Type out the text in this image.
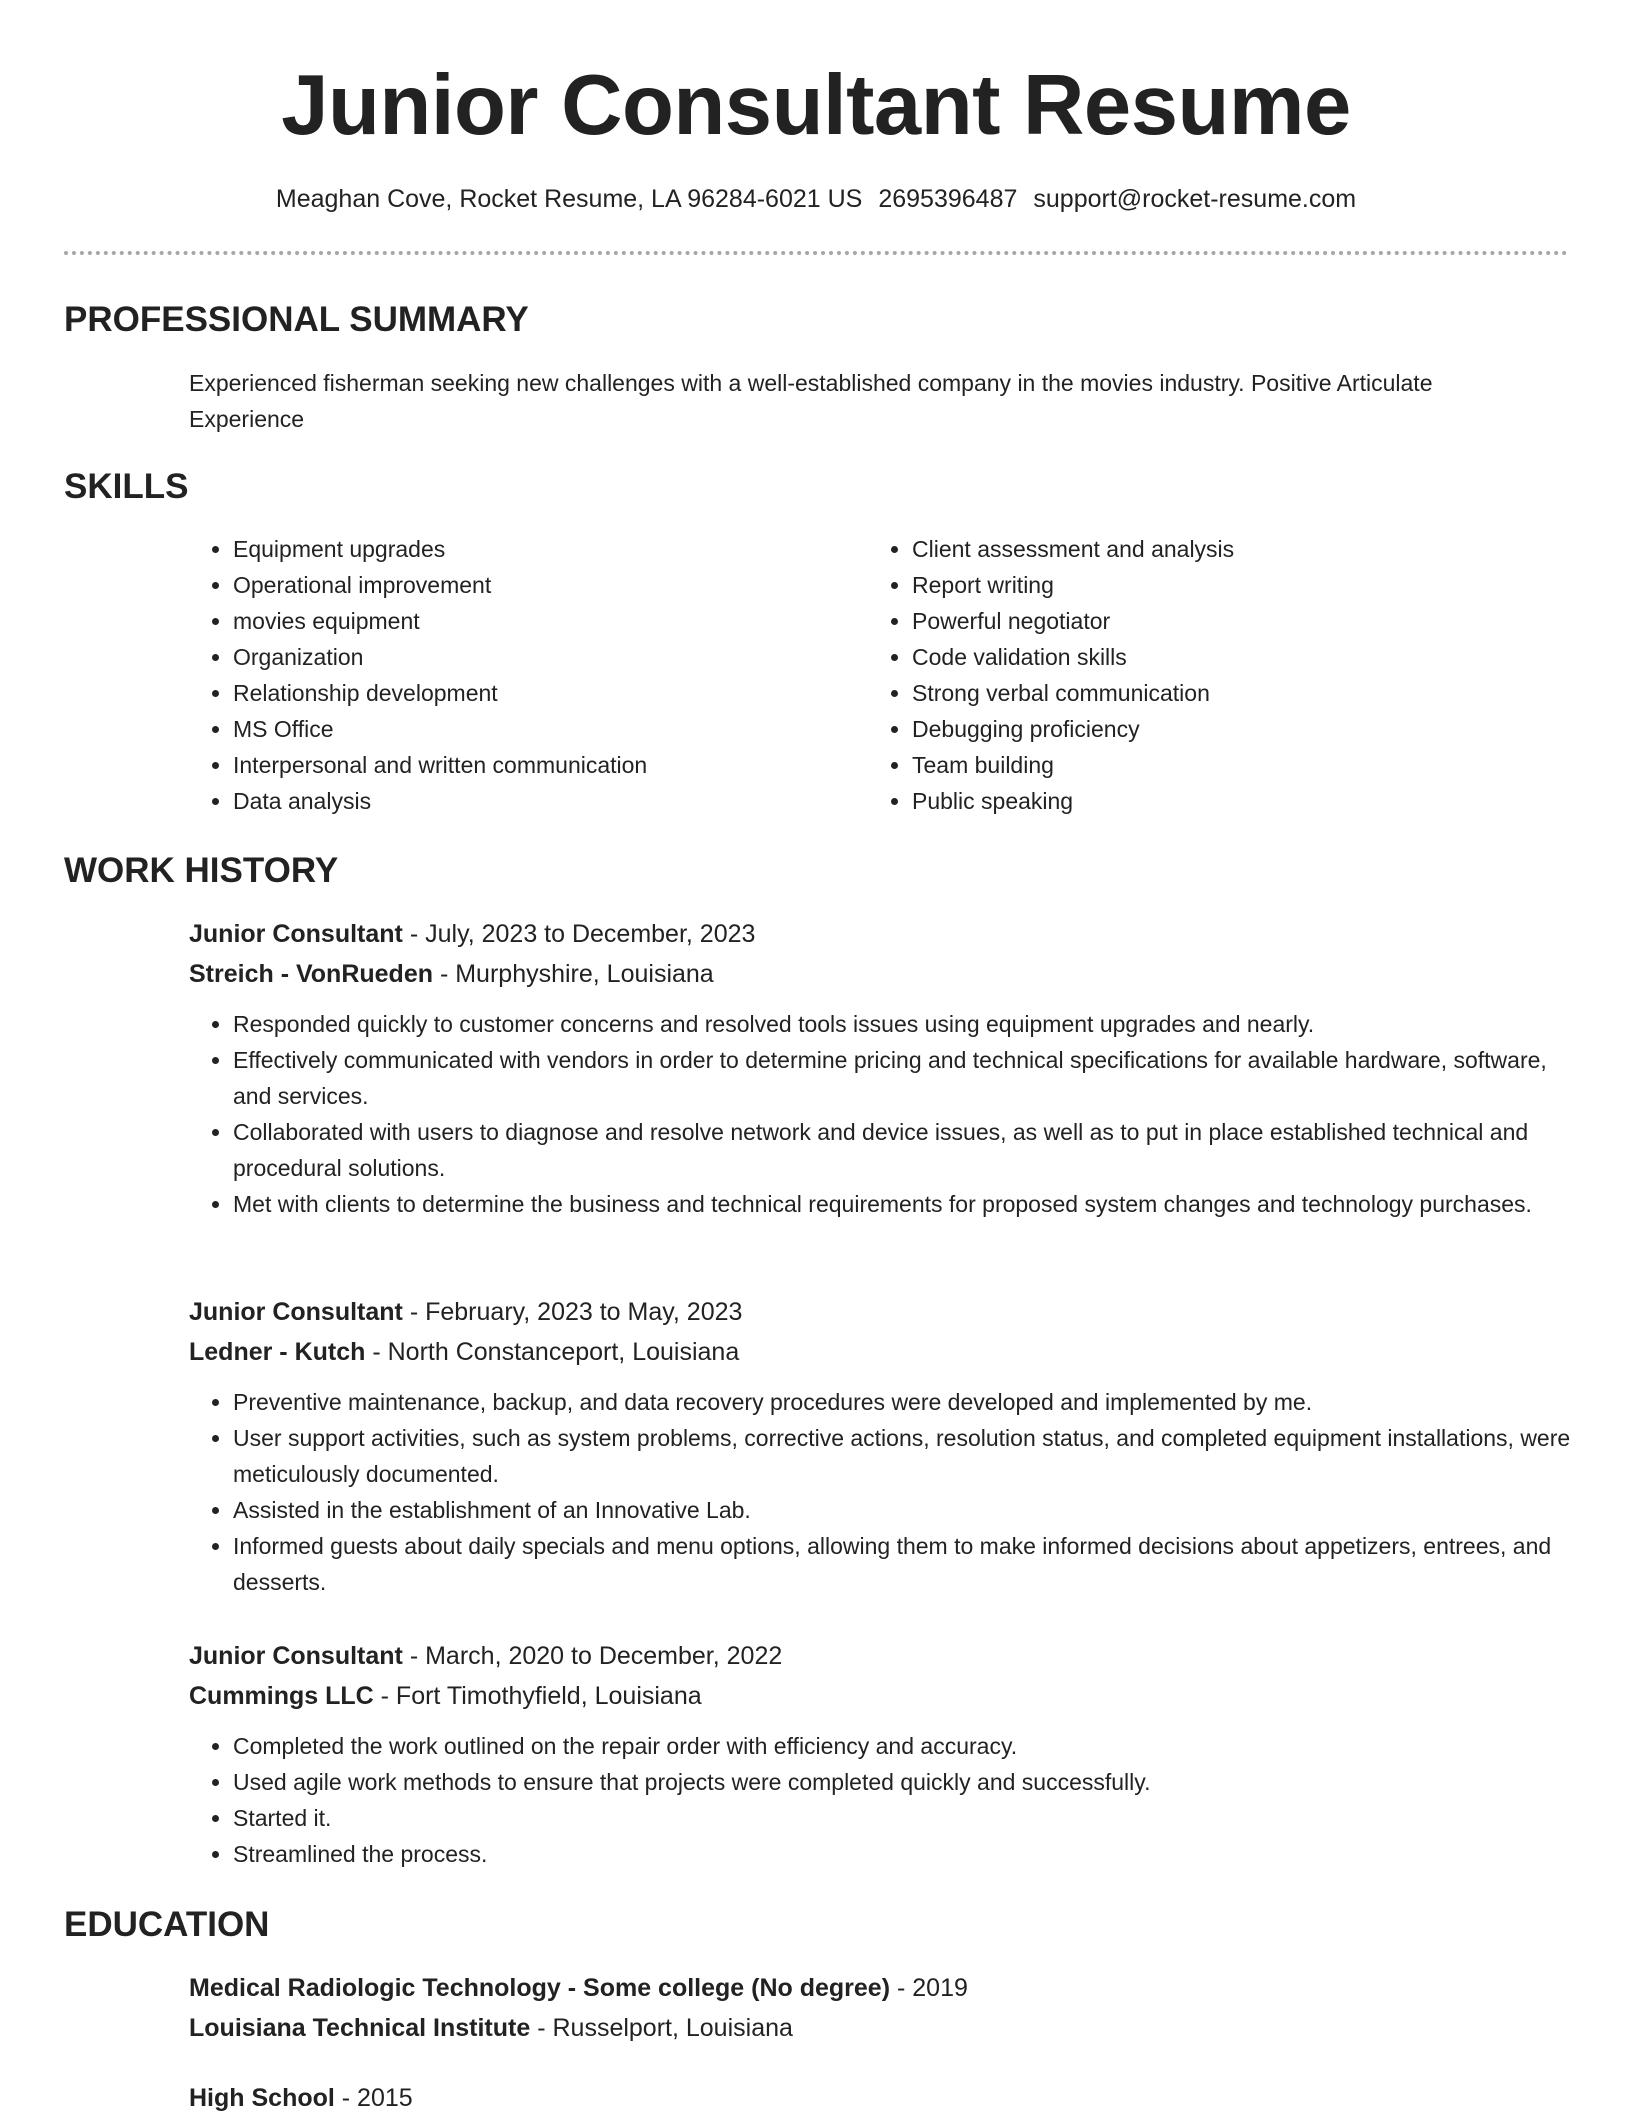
Junior Consultant Resume
Meaghan Cove, Rocket Resume, LA 96284-6021 US 2695396487 support@rocket-resume.com
PROFESSIONAL SUMMARY

Experienced fisherman seeking new challenges with a well-established company in the movies industry. Positive Articulate Experience

SKILLS
• Equipment upgrades
• Operational improvement
• movies equipment
• Organization
• Relationship development
• MS Office
• Interpersonal and written communication
• Data analysis
• Client assessment and analysis
• Report writing
• Powerful negotiator
• Code validation skills
• Strong verbal communication
• Debugging proficiency
• Team building
• Public speaking
WORK HISTORY

Junior Consultant - July, 2023 to December, 2023

Streich - VonRueden - Murphyshire, Louisiana

• Responded quickly to customer concerns and resolved tools issues using equipment upgrades and nearly.
• Effectively communicated with vendors in order to determine pricing and technical specifications for available hardware, software, and services.
• Collaborated with users to diagnose and resolve network and device issues, as well as to put in place established technical and procedural solutions.
• Met with clients to determine the business and technical requirements for proposed system changes and technology purchases.

Junior Consultant - February, 2023 to May, 2023

Ledner - Kutch - North Constanceport, Louisiana

• Preventive maintenance, backup, and data recovery procedures were developed and implemented by me.
• User support activities, such as system problems, corrective actions, resolution status, and completed equipment installations, were meticulously documented.
• Assisted in the establishment of an Innovative Lab.
• Informed guests about daily specials and menu options, allowing them to make informed decisions about appetizers, entrees, and desserts.

Junior Consultant - March, 2020 to December, 2022

Cummings LLC - Fort Timothyfield, Louisiana

• Completed the work outlined on the repair order with efficiency and accuracy.
• Used agile work methods to ensure that projects were completed quickly and successfully.
• Started it.
• Streamlined the process.
EDUCATION

Medical Radiologic Technology - Some college (No degree) - 2019

Louisiana Technical Institute - Russelport, Louisiana

High School - 2015
